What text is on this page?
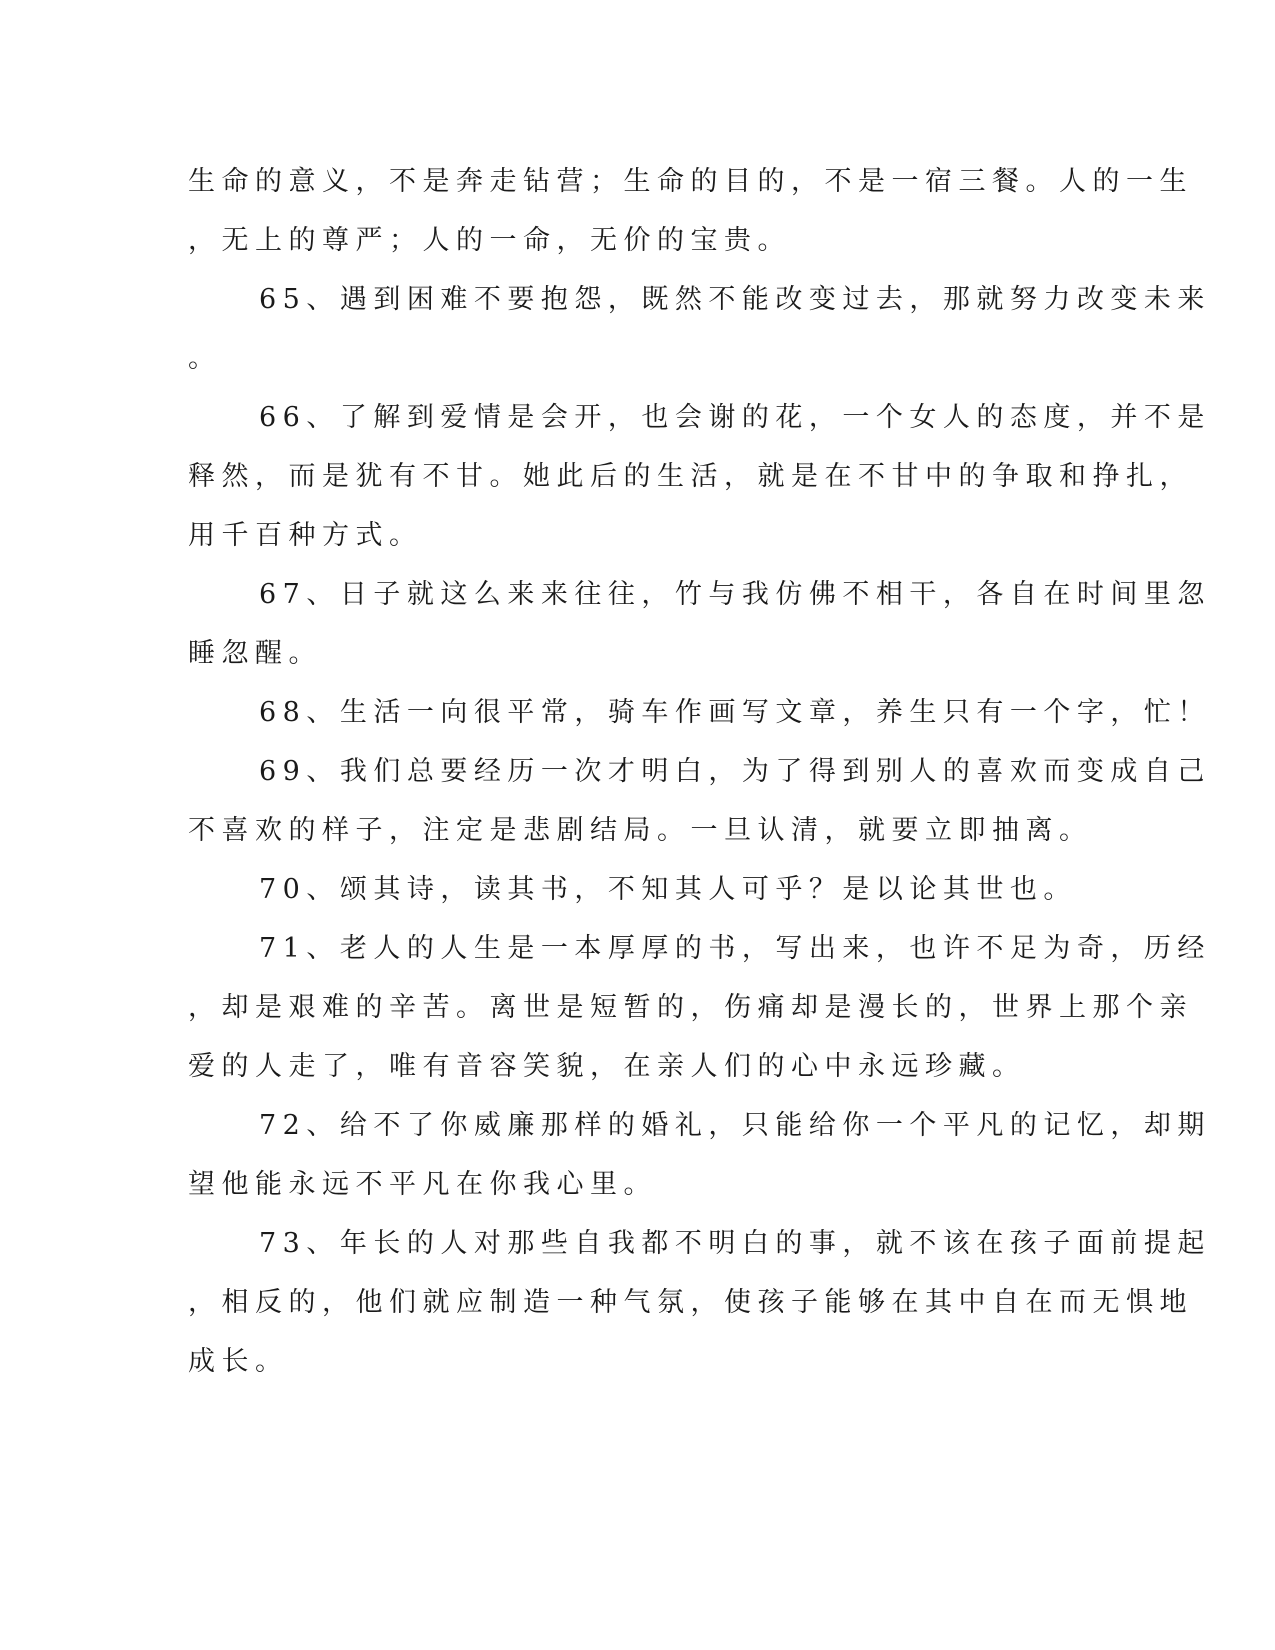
生命的意义，不是奔走钻营；生命的目的，不是一宿三餐。人的一生
，无上的尊严；人的一命，无价的宝贵。
65、遇到困难不要抱怨，既然不能改变过去，那就努力改变未来
。
66、了解到爱情是会开，也会谢的花，一个女人的态度，并不是
释然，而是犹有不甘。她此后的生活，就是在不甘中的争取和挣扎，
用千百种方式。
67、日子就这么来来往往，竹与我仿佛不相干，各自在时间里忽
睡忽醒。
68、生活一向很平常，骑车作画写文章，养生只有一个字，忙！
69、我们总要经历一次才明白，为了得到别人的喜欢而变成自己
不喜欢的样子，注定是悲剧结局。一旦认清，就要立即抽离。
70、颂其诗，读其书，不知其人可乎？是以论其世也。
71、老人的人生是一本厚厚的书，写出来，也许不足为奇，历经
，却是艰难的辛苦。离世是短暂的，伤痛却是漫长的，世界上那个亲
爱的人走了，唯有音容笑貌，在亲人们的心中永远珍藏。
72、给不了你威廉那样的婚礼，只能给你一个平凡的记忆，却期
望他能永远不平凡在你我心里。
73、年长的人对那些自我都不明白的事，就不该在孩子面前提起
，相反的，他们就应制造一种气氛，使孩子能够在其中自在而无惧地
成长。
